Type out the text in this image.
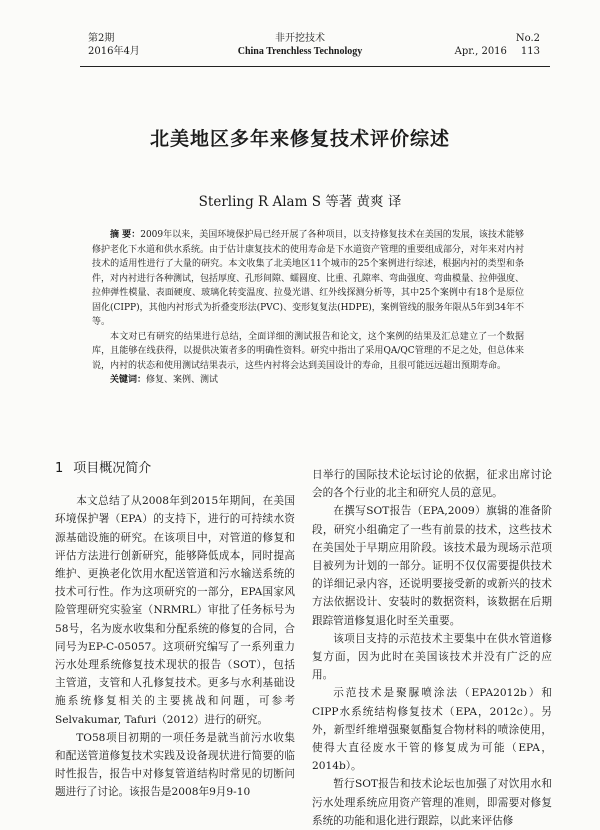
第2期
2016年4月
非开挖技术
China Trenchless Technology
No.2
Apr., 2016 113
北美地区多年来修复技术评价综述
Sterling R Alam S 等著 黄爽 译

摘 要：2009年以来，美国环境保护局已经开展了各种项目，以支持修复技术在美国的发展，该技术能够修护老化下水道和供水系统。由于估计康复技术的使用寿命是下水道资产管理的重要组成部分，对年来对内衬技术的适用性进行了大量的研究。本文收集了北美地区11个城市的25个案例进行综述，根据内衬的类型和条件，对内衬进行各种测试，包括厚度、孔形间隙、蠕圆度、比重、孔隙率、弯曲强度、弯曲模量、拉伸强度、拉伸弹性模量、表面硬度、玻璃化转变温度、拉曼光谱、红外线探测分析等，其中25个案例中有18个是原位固化(CIPP)，其他内衬形式为折叠变形法(PVC)、变形复复法(HDPE)，案例管线的服务年限从5年到34年不等。

本文对已有研究的结果进行总结，全面详细的测试报告和论文，这个案例的结果及汇总建立了一个数据库，且能够在线获得，以提供决策者多的明确性资料。研究中指出了采用QA/QC管理的不足之处，但总体来说，内衬的状态和使用测试结果表示，这些内衬将会达到美国设计的寿命，且很可能远远超出预期寿命。

关键词：修复、案例、测试

1 项目概况简介

本文总结了从2008年到2015年期间，在美国环境保护署（EPA）的支持下，进行的可持续水资源基础设施的研究。在该项目中，对管道的修复和评估方法进行创新研究，能够降低成本，同时提高维护、更换老化饮用水配送管道和污水输送系统的技术可行性。作为这项研究的一部分，EPA国家风险管理研究实验室（NRMRL）审批了任务标号为58号，名为废水收集和分配系统的修复的合同，合同号为EP-C-05057。这项研究编写了一系列重力污水处理系统修复技术现状的报告（SOT），包括主管道，支管和人孔修复技术。更多与水利基础设施系统修复相关的主要挑战和问题，可参考Selvakumar, Tafuri（2012）进行的研究。

TO58项目初期的一项任务是就当前污水收集和配送管道修复技术实践及设备现状进行简要的临时性报告，报告中对修复管道结构时常见的切断问题进行了讨论。该报告是2008年9月9-10

日举行的国际技术论坛讨论的依据，征求出席讨论会的各个行业的北主和研究人员的意见。

在撰写SOT报告（EPA,2009）旗辑的准备阶段，研究小组确定了一些有前景的技术，这些技术在美国处于早期应用阶段。该技术最为现场示范项目被列为计划的一部分。证明不仅仅需要提供技术的详细记录内容，还说明要接受新的或新兴的技术方法依据设计、安装时的数据资料，该数据在后期跟踪管道修复退化时至关重要。

该项目支持的示范技术主要集中在供水管道修复方面，因为此时在美国该技术并没有广泛的应用。

示范技术是聚脲喷涂法（EPA2012b）和CIPP水系统结构修复技术（EPA，2012c）。另外，新型纤维增强聚氨酯复合物材料的喷涂使用，使得大直径废水干管的修复成为可能（EPA，2014b）。

暂行SOT报告和技术论坛也加强了对饮用水和污水处理系统应用资产管理的准则，即需要对修复系统的功能和退化进行跟踪，以此来评估修
